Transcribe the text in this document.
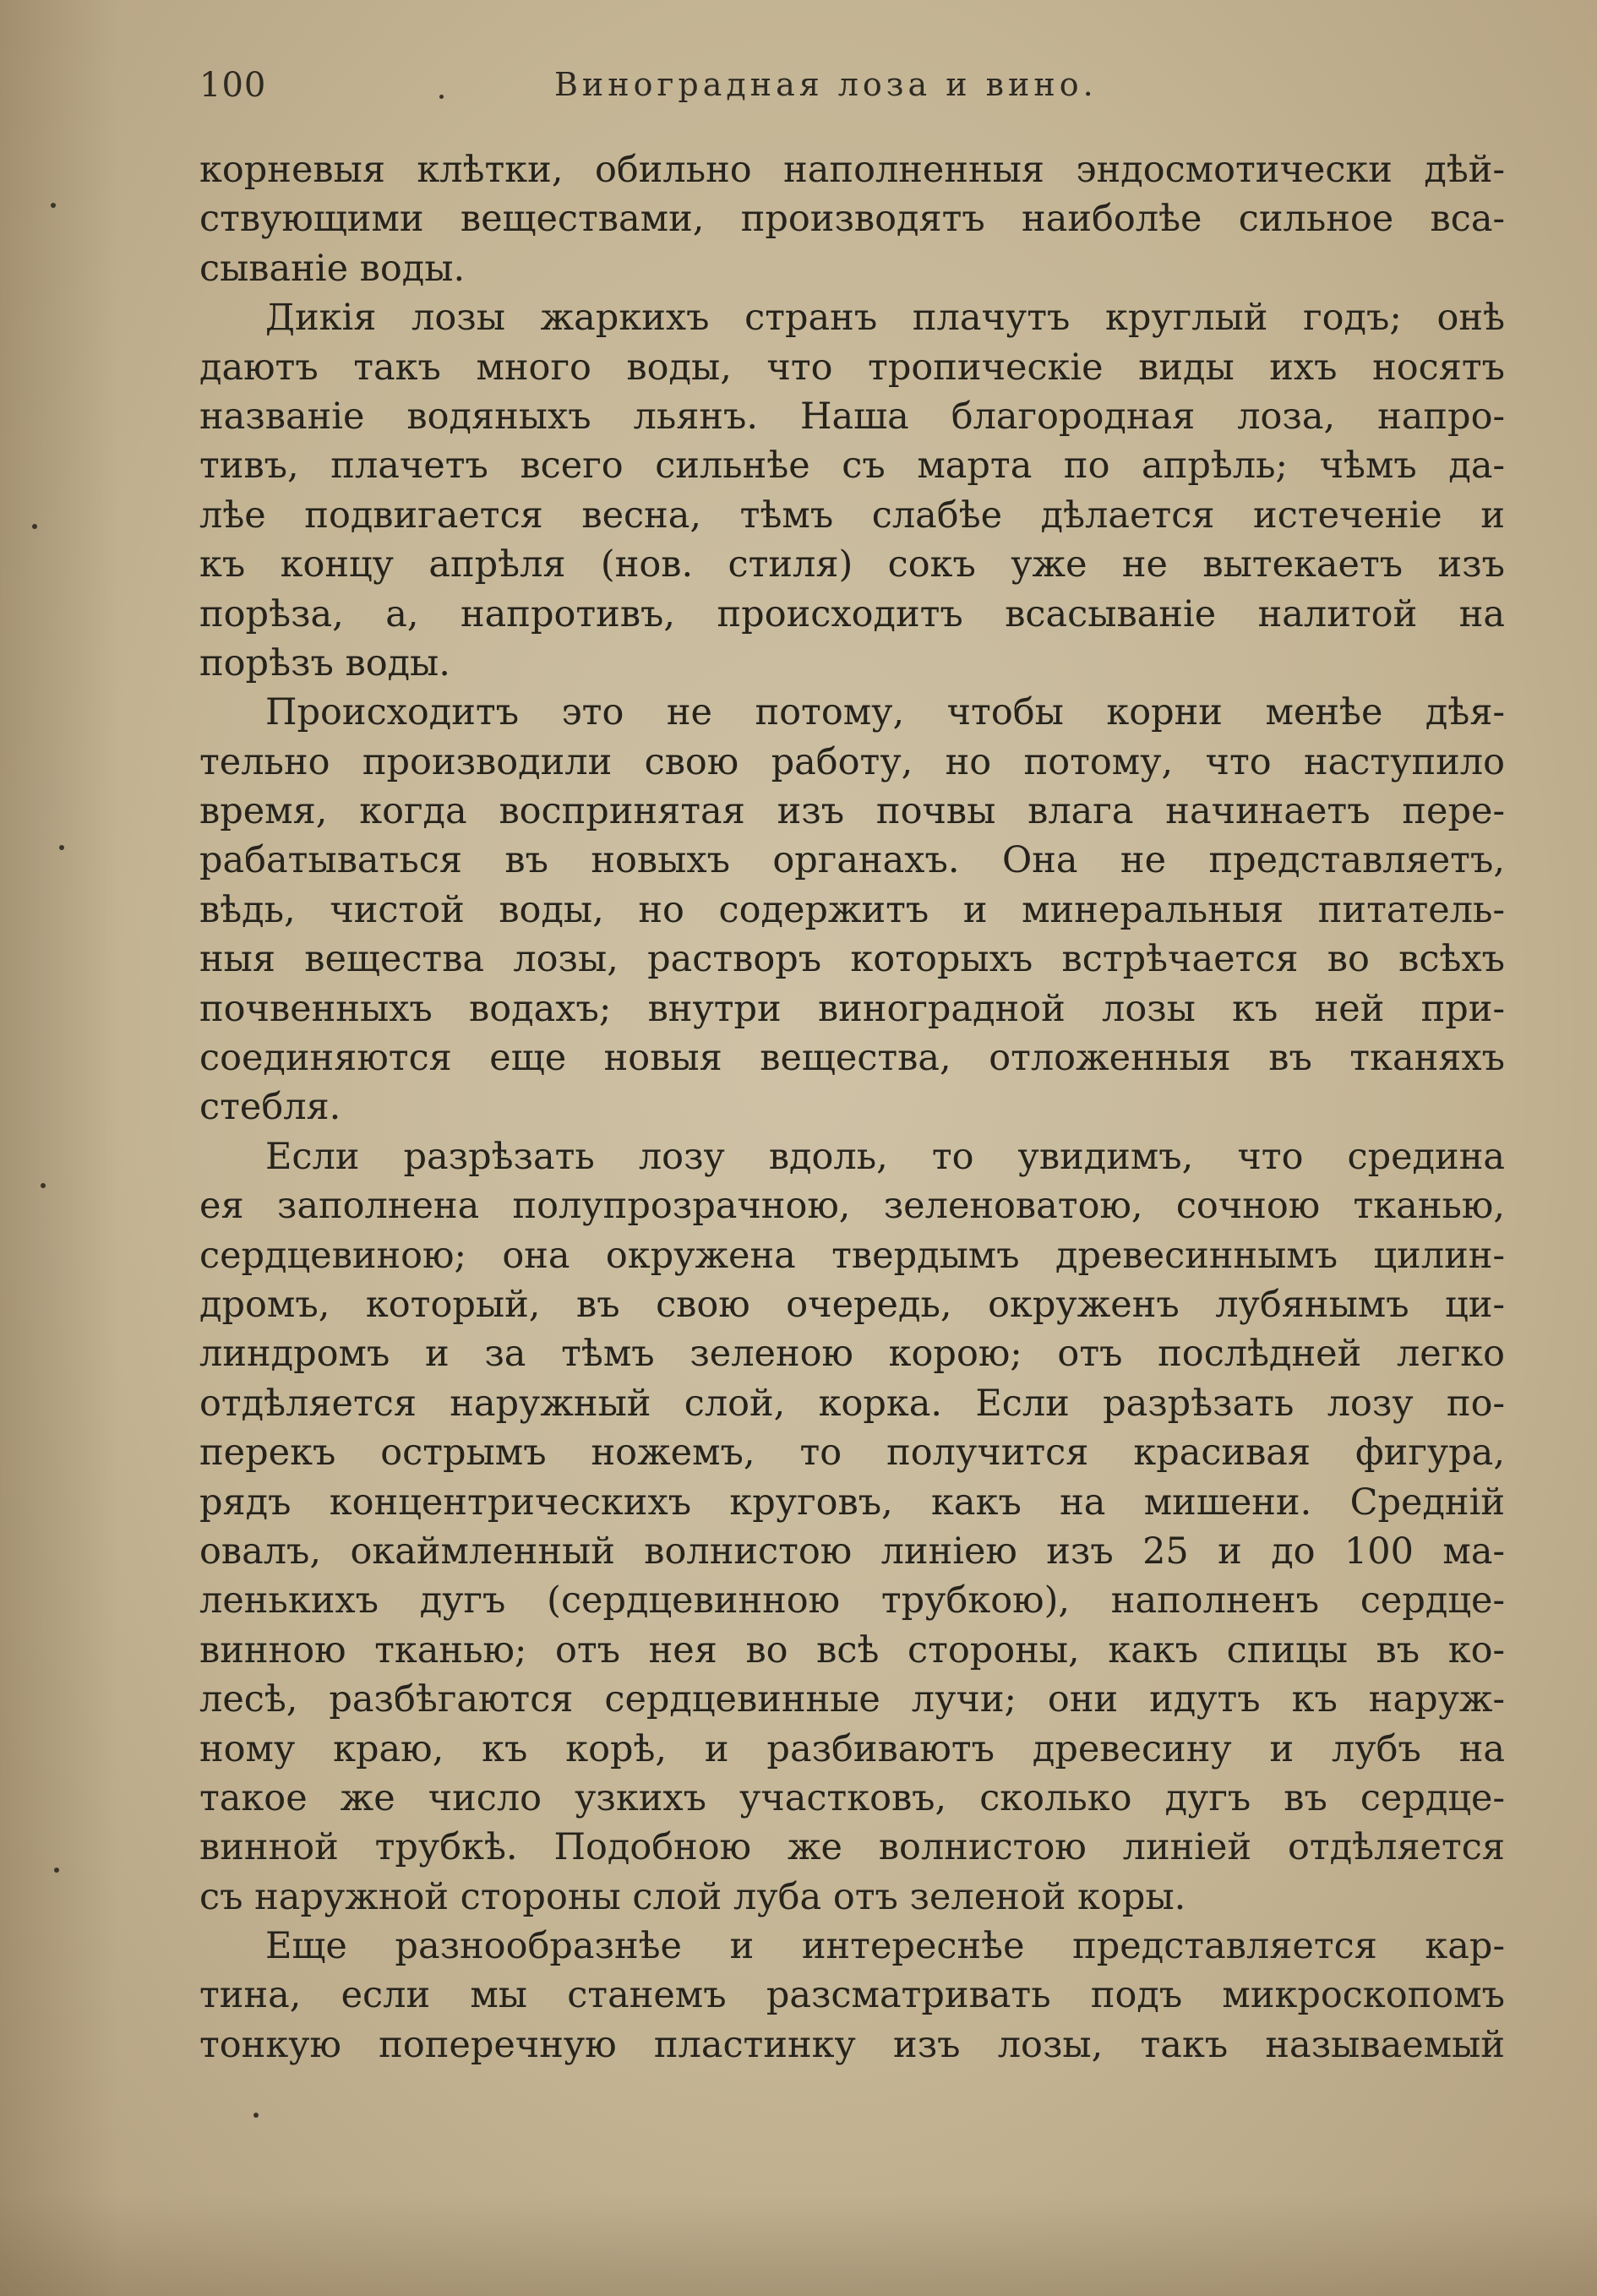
100	Виноградная лоза и вино.
корневыя клѣтки, обильно наполненныя эндосмотически дѣй-
ствующими веществами, производятъ наиболѣе сильное вса-
сываніе воды.
Дикія лозы жаркихъ странъ плачутъ круглый годъ; онѣ
даютъ такъ много воды, что тропическіе виды ихъ носятъ
названіе водяныхъ льянъ. Наша благородная лоза, напро-
тивъ, плачетъ всего сильнѣе съ марта по апрѣль; чѣмъ да-
лѣе подвигается весна, тѣмъ слабѣе дѣлается истеченіе и
къ концу апрѣля (нов. стиля) сокъ уже не вытекаетъ изъ
порѣза, а, напротивъ, происходитъ всасываніе налитой на
порѣзъ воды.
Происходитъ это не потому, чтобы корни менѣе дѣя-
тельно производили свою работу, но потому, что наступило
время, когда воспринятая изъ почвы влага начинаетъ пере-
рабатываться въ новыхъ органахъ. Она не представляетъ,
вѣдь, чистой воды, но содержитъ и минеральныя питатель-
ныя вещества лозы, растворъ которыхъ встрѣчается во всѣхъ
почвенныхъ водахъ; внутри виноградной лозы къ ней при-
соединяются еще новыя вещества, отложенныя въ тканяхъ
стебля.
Если разрѣзать лозу вдоль, то увидимъ, что средина
ея заполнена полупрозрачною, зеленоватою, сочною тканью,
сердцевиною; она окружена твердымъ древесиннымъ цилин-
дромъ, который, въ свою очередь, окруженъ лубянымъ ци-
линдромъ и за тѣмъ зеленою корою; отъ послѣдней легко
отдѣляется наружный слой, корка. Если разрѣзать лозу по-
перекъ острымъ ножемъ, то получится красивая фигура,
рядъ концентрическихъ круговъ, какъ на мишени. Средній
овалъ, окаймленный волнистою линіею изъ 25 и до 100 ма-
ленькихъ дугъ (сердцевинною трубкою), наполненъ сердце-
винною тканью; отъ нея во всѣ стороны, какъ спицы въ ко-
лесѣ, разбѣгаются сердцевинные лучи; они идутъ къ наруж-
ному краю, къ корѣ, и разбиваютъ древесину и лубъ на
такое же число узкихъ участковъ, сколько дугъ въ сердце-
винной трубкѣ. Подобною же волнистою линіей отдѣляется
съ наружной стороны слой луба отъ зеленой коры.
Еще разнообразнѣе и интереснѣе представляется кар-
тина, если мы станемъ разсматривать подъ микроскопомъ
тонкую поперечную пластинку изъ лозы, такъ называемый
